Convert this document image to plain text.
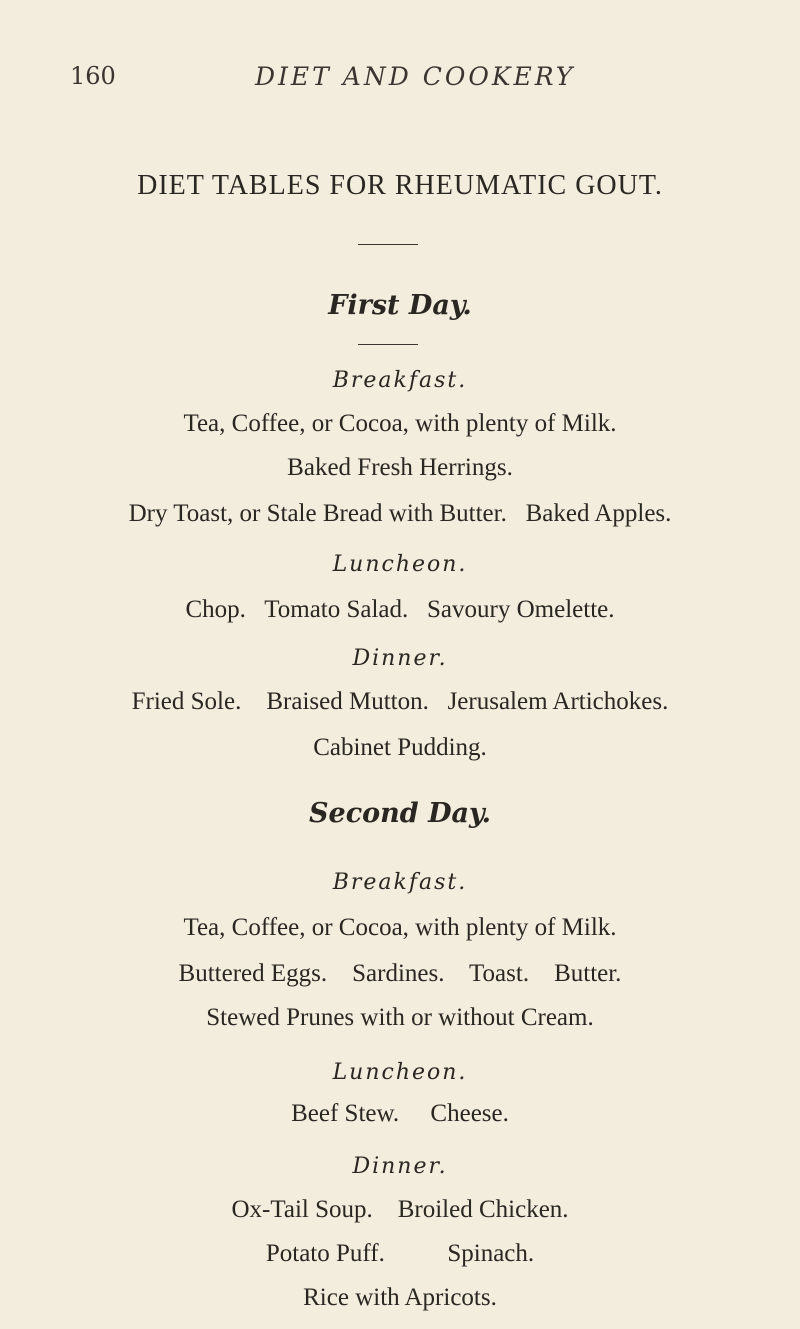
160	DIET AND COOKERY
DIET TABLES FOR RHEUMATIC GOUT.
First Day.
Breakfast.
Tea, Coffee, or Cocoa, with plenty of Milk.
Baked Fresh Herrings.
Dry Toast, or Stale Bread with Butter.   Baked Apples.
Luncheon.
Chop.   Tomato Salad.   Savoury Omelette.
Dinner.
Fried Sole.    Braised Mutton.   Jerusalem Artichokes.
Cabinet Pudding.
Second Day.
Breakfast.
Tea, Coffee, or Cocoa, with plenty of Milk.
Buttered Eggs.    Sardines.    Toast.    Butter.
Stewed Prunes with or without Cream.
Luncheon.
Beef Stew.     Cheese.
Dinner.
Ox-Tail Soup.    Broiled Chicken.
Potato Puff.          Spinach.
Rice with Apricots.
